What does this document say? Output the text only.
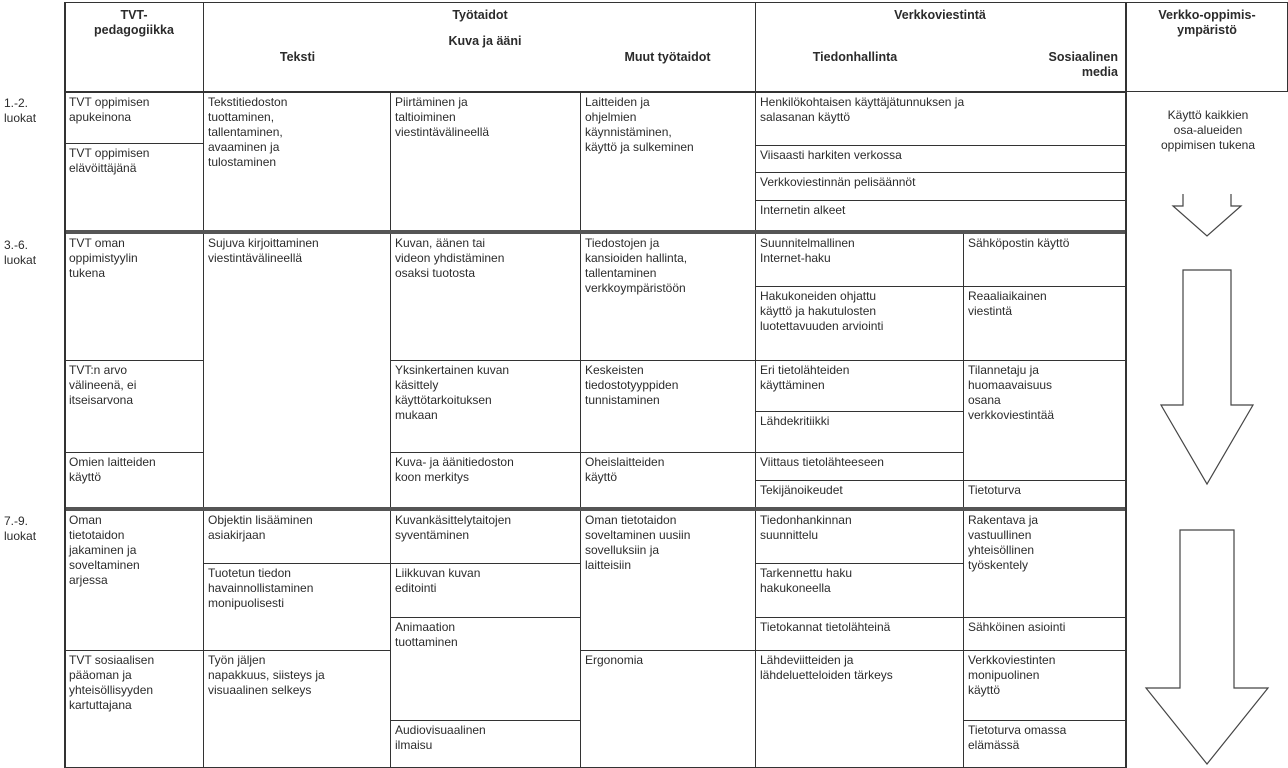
TVT-
pedagogiikka
Työtaidot
Teksti
Kuva ja ääni
Muut työtaidot
Verkkoviestintä
Tiedonhallinta	Sosiaalinen
media
Verkko-oppimis-
ympäristö
1.-2.
luokat
3.-6.
luokat
7.-9.
luokat
TVT oppimisen
apukeinona
TVT oppimisen
elävöittäjänä
Tekstitiedoston
tuottaminen,
tallentaminen,
avaaminen ja
tulostaminen
Piirtäminen ja
taltioiminen
viestintävälineellä
Laitteiden ja
ohjelmien
käynnistäminen,
käyttö ja sulkeminen
Henkilökohtaisen käyttäjätunnuksen ja
salasanan käyttö
Viisaasti harkiten verkossa
Verkkoviestinnän pelisäännöt
Internetin alkeet
TVT oman
oppimistyylin
tukena
TVT:n arvo
välineenä, ei
itseisarvona
Omien laitteiden
käyttö
Sujuva kirjoittaminen
viestintävälineellä
Kuvan, äänen tai
videon yhdistäminen
osaksi tuotosta
Yksinkertainen kuvan
käsittely
käyttötarkoituksen
mukaan
Kuva- ja äänitiedoston
koon merkitys
Tiedostojen ja
kansioiden hallinta,
tallentaminen
verkkoympäristöön
Keskeisten
tiedostotyyppiden
tunnistaminen
Oheislaitteiden
käyttö
Suunnitelmallinen
Internet-haku
Hakukoneiden ohjattu
käyttö ja hakutulosten
luotettavuuden arviointi
Eri tietolähteiden
käyttäminen
Lähdekritiikki
Viittaus tietolähteeseen
Tekijänoikeudet
Sähköpostin käyttö
Reaaliaikainen
viestintä
Tilannetaju ja
huomaavaisuus
osana
verkkoviestintää
Tietoturva
Oman
tietotaidon
jakaminen ja
soveltaminen
arjessa
TVT sosiaalisen
pääoman ja
yhteisöllisyyden
kartuttajana
Objektin lisääminen
asiakirjaan
Tuotetun tiedon
havainnollistaminen
monipuolisesti
Työn jäljen
napakkuus, siisteys ja
visuaalinen selkeys
Kuvankäsittelytaitojen
syventäminen
Liikkuvan kuvan
editointi
Animaation
tuottaminen
Audiovisuaalinen
ilmaisu
Oman tietotaidon
soveltaminen uusiin
sovelluksiin ja
laitteisiin
Ergonomia
Tiedonhankinnan
suunnittelu
Tarkennettu haku
hakukoneella
Tietokannat tietolähteinä
Lähdeviitteiden ja
lähdeluetteloiden tärkeys
Rakentava ja
vastuullinen
yhteisöllinen
työskentely
Sähköinen asiointi
Verkkoviestinten
monipuolinen
käyttö
Tietoturva omassa
elämässä
Käyttö kaikkien
osa-alueiden
oppimisen tukena
